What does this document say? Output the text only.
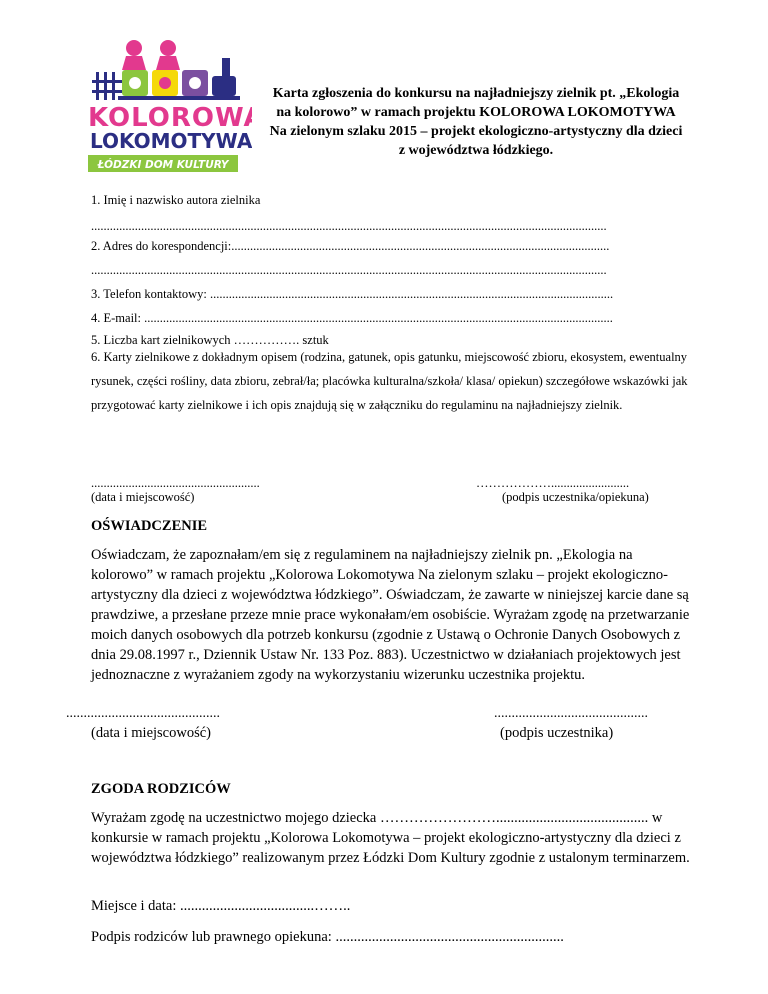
KOLOROWA
LOKOMOTYWA
ŁÓDZKI DOM KULTURY
Karta zgłoszenia do konkursu na najładniejszy zielnik pt. „Ekologia na kolorowo” w ramach projektu KOLOROWA LOKOMOTYWA Na zielonym szlaku 2015 – projekt ekologiczno-artystyczny dla dzieci z województwa łódzkiego.
1. Imię i nazwisko autora zielnika
.....................................................................................................................................................................
2. Adres do korespondencji:.........................................................................................................................
.....................................................................................................................................................................
3. Telefon kontaktowy: .................................................................................................................................
4. E-mail: ......................................................................................................................................................
5. Liczba kart zielnikowych ……………. sztuk
6. Karty zielnikowe z dokładnym opisem (rodzina, gatunek, opis gatunku, miejscowość zbioru, ekosystem, ewentualny rysunek, części rośliny, data zbioru, zebrał/ła; placówka kulturalna/szkoła/ klasa/ opiekun) szczegółowe wskazówki jak przygotować karty zielnikowe i ich opis znajdują się w załączniku do regulaminu na najładniejszy zielnik.
......................................................
(data i miejscowość)
……………….........................
(podpis uczestnika/opiekuna)
OŚWIADCZENIE
Oświadczam, że zapoznałam/em się z regulaminem na najładniejszy zielnik pn. „Ekologia na kolorowo” w ramach projektu „Kolorowa Lokomotywa Na zielonym szlaku – projekt ekologiczno-artystyczny dla dzieci z województwa łódzkiego”. Oświadczam, że zawarte w niniejszej karcie dane są prawdziwe, a przesłane przeze mnie prace wykonałam/em osobiście. Wyrażam zgodę na przetwarzanie moich danych osobowych dla potrzeb konkursu (zgodnie z Ustawą o Ochronie Danych Osobowych z dnia 29.08.1997 r., Dziennik Ustaw Nr. 133 Poz. 883). Uczestnictwo w działaniach projektowych jest jednoznaczne z wyrażaniem zgody na wykorzystaniu wizerunku uczestnika projektu.
............................................
(data i miejscowość)
............................................
(podpis uczestnika)
ZGODA RODZICÓW
Wyrażam zgodę na uczestnictwo mojego dziecka …………………….......................................... w konkursie w ramach projektu „Kolorowa Lokomotywa – projekt ekologiczno-artystyczny dla dzieci z województwa łódzkiego” realizowanym przez Łódzki Dom Kultury zgodnie z ustalonym terminarzem.
Miejsce i data: .....................................……..
Podpis rodziców lub prawnego opiekuna: ...............................................................
